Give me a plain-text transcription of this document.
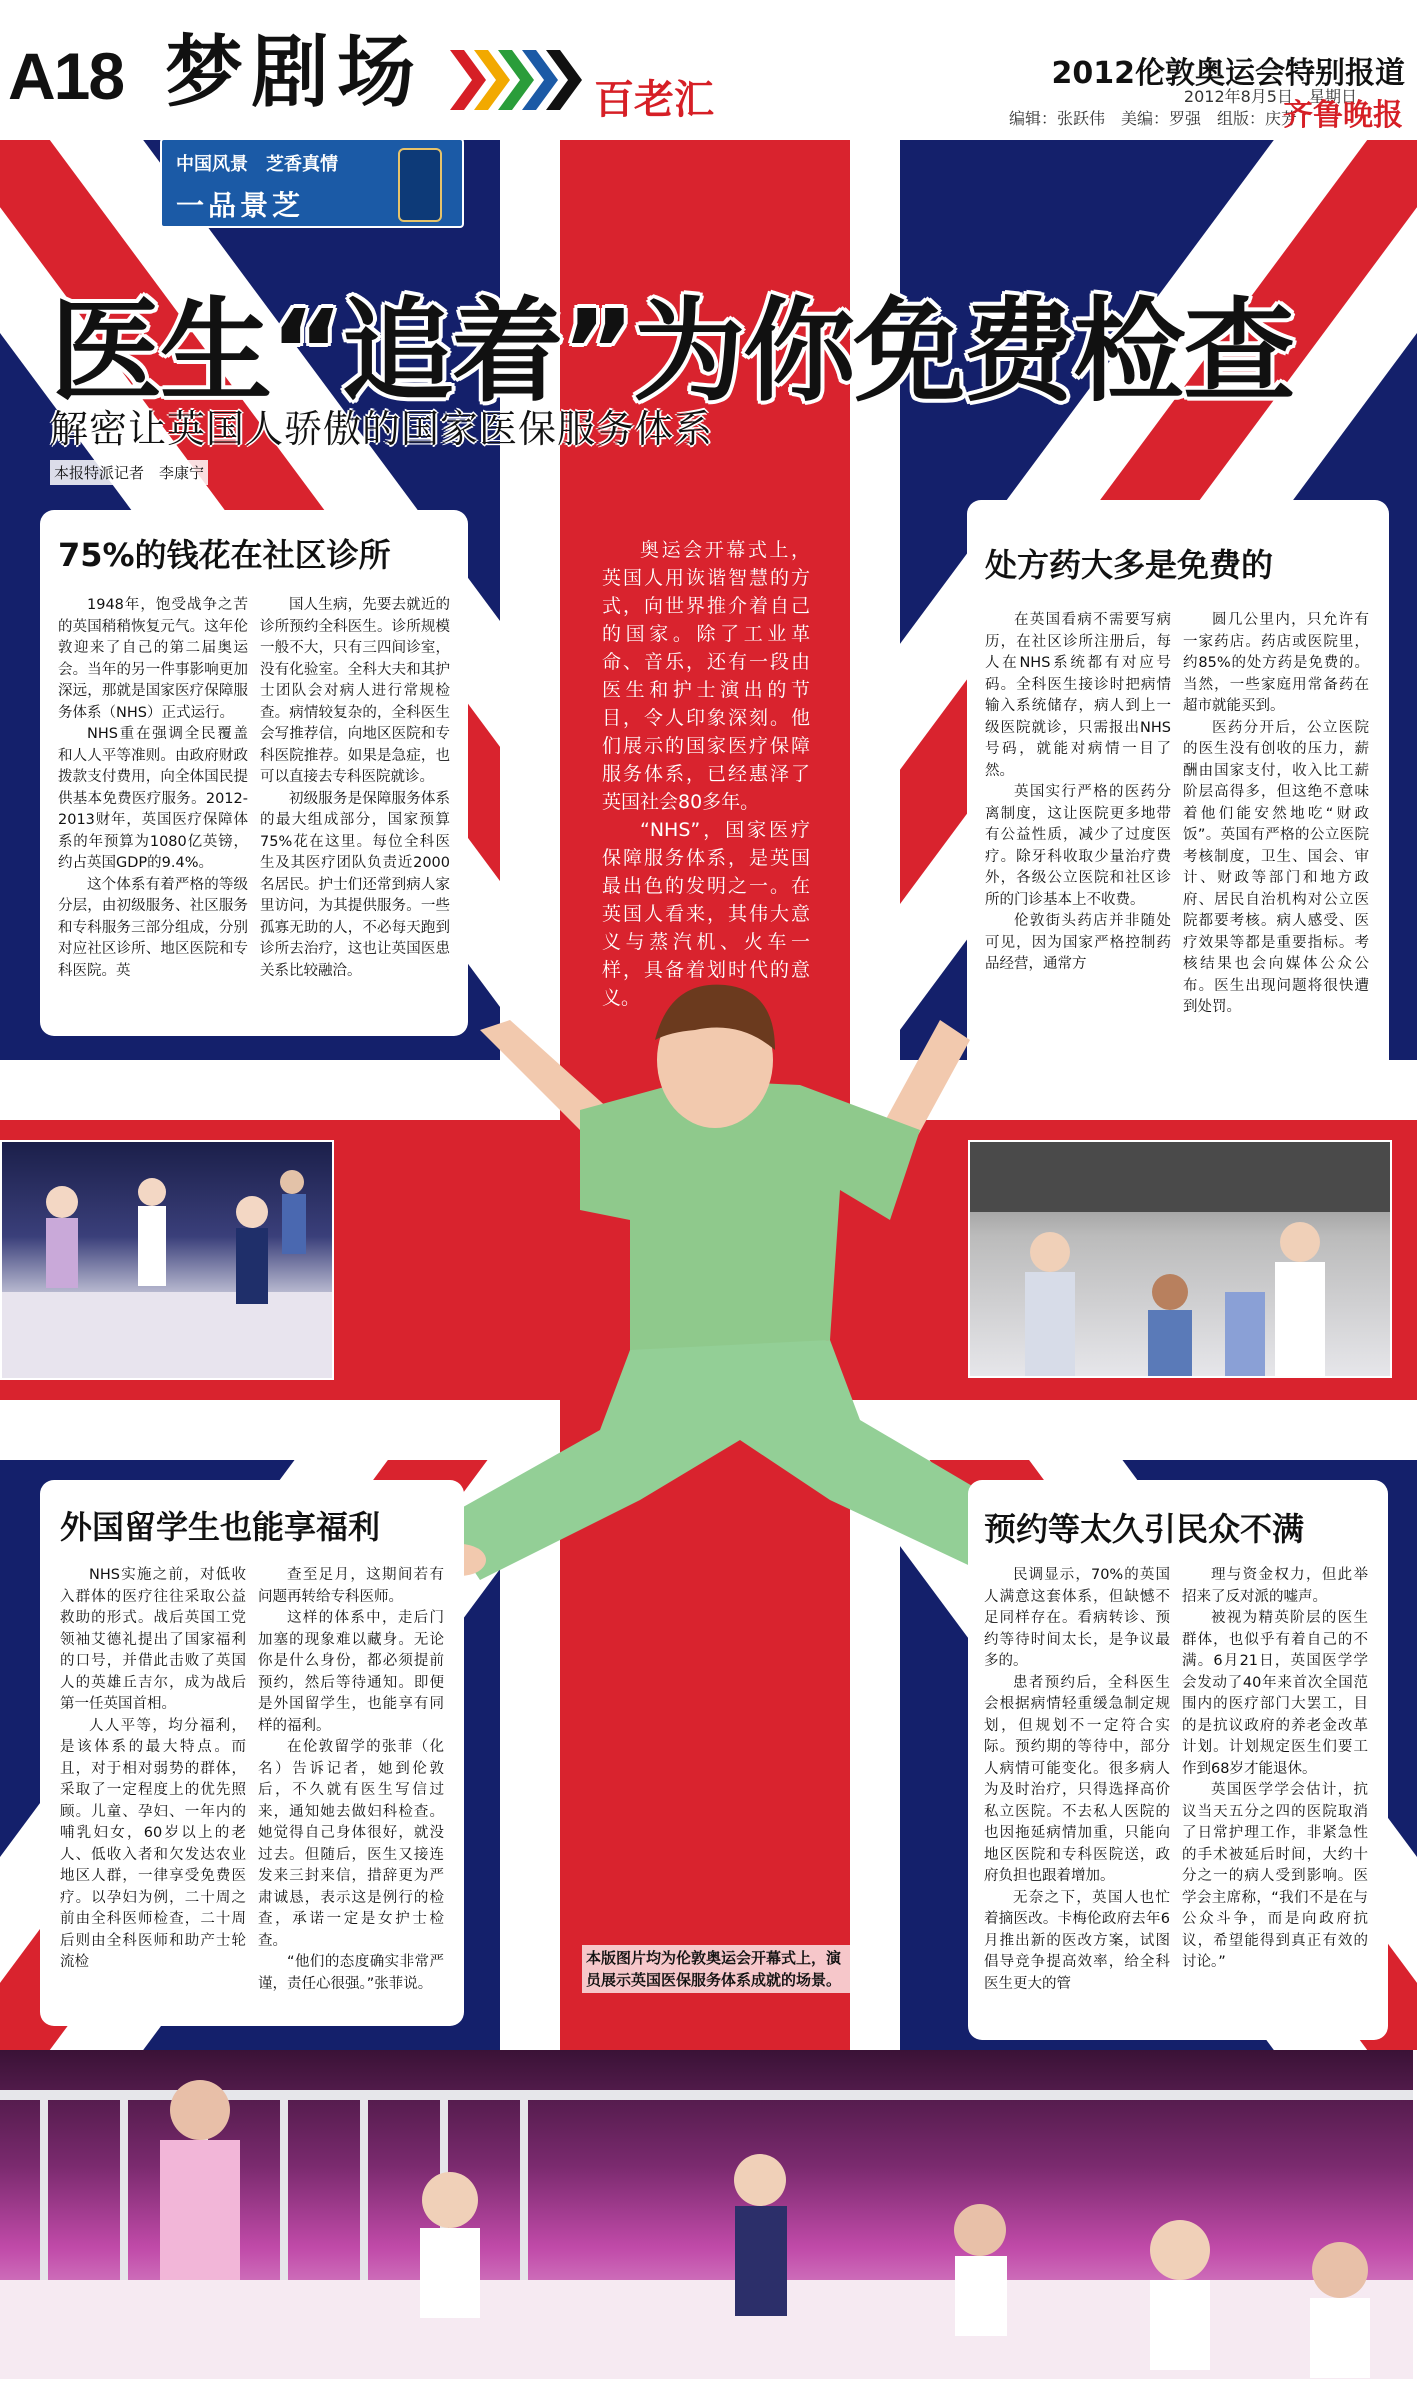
A18 梦剧场	百老汇
2012伦敦奥运会特别报道
2012年8月5日　星期日
编辑：张跃伟　美编：罗强　组版：庆芳
齐鲁晚报
中国风景　芝香真情
一品景芝
医生“追着”为你免费检查
解密让英国人骄傲的国家医保服务体系
本报特派记者　李康宁
75%的钱花在社区诊所

1948年，饱受战争之苦的英国稍稍恢复元气。这年伦敦迎来了自己的第二届奥运会。当年的另一件事影响更加深远，那就是国家医疗保障服务体系（NHS）正式运行。

NHS重在强调全民覆盖和人人平等准则。由政府财政拨款支付费用，向全体国民提供基本免费医疗服务。2012-2013财年，英国医疗保障体系的年预算为1080亿英镑，约占英国GDP的9.4%。

这个体系有着严格的等级分层，由初级服务、社区服务和专科服务三部分组成，分别对应社区诊所、地区医院和专科医院。英

国人生病，先要去就近的诊所预约全科医生。诊所规模一般不大，只有三四间诊室，没有化验室。全科大夫和其护士团队会对病人进行常规检查。病情较复杂的，全科医生会写推荐信，向地区医院和专科医院推荐。如果是急症，也可以直接去专科医院就诊。

初级服务是保障服务体系的最大组成部分，国家预算75%花在这里。每位全科医生及其医疗团队负责近2000名居民。护士们还常到病人家里访问，为其提供服务。一些孤寡无助的人，不必每天跑到诊所去治疗，这也让英国医患关系比较融洽。

奥运会开幕式上，英国人用诙谐智慧的方式，向世界推介着自己的国家。除了工业革命、音乐，还有一段由医生和护士演出的节目，令人印象深刻。他们展示的国家医疗保障服务体系，已经惠泽了英国社会80多年。

“NHS”，国家医疗保障服务体系，是英国最出色的发明之一。在英国人看来，其伟大意义与蒸汽机、火车一样，具备着划时代的意义。

处方药大多是免费的

在英国看病不需要写病历，在社区诊所注册后，每人在NHS系统都有对应号码。全科医生接诊时把病情输入系统储存，病人到上一级医院就诊，只需报出NHS号码，就能对病情一目了然。

英国实行严格的医药分离制度，这让医院更多地带有公益性质，减少了过度医疗。除牙科收取少量治疗费外，各级公立医院和社区诊所的门诊基本上不收费。

伦敦街头药店并非随处可见，因为国家严格控制药品经营，通常方

圆几公里内，只允许有一家药店。药店或医院里，约85%的处方药是免费的。当然，一些家庭用常备药在超市就能买到。

医药分开后，公立医院的医生没有创收的压力，薪酬由国家支付，收入比工薪阶层高得多，但这绝不意味着他们能安然地吃“财政饭”。英国有严格的公立医院考核制度，卫生、国会、审计、财政等部门和地方政府、居民自治机构对公立医院都要考核。病人感受、医疗效果等都是重要指标。考核结果也会向媒体公众公布。医生出现问题将很快遭到处罚。

外国留学生也能享福利

NHS实施之前，对低收入群体的医疗往往采取公益救助的形式。战后英国工党领袖艾德礼提出了国家福利的口号，并借此击败了英国人的英雄丘吉尔，成为战后第一任英国首相。

人人平等，均分福利，是该体系的最大特点。而且，对于相对弱势的群体，采取了一定程度上的优先照顾。儿童、孕妇、一年内的哺乳妇女，60岁以上的老人、低收入者和欠发达农业地区人群，一律享受免费医疗。以孕妇为例，二十周之前由全科医师检查，二十周后则由全科医师和助产士轮流检

查至足月，这期间若有问题再转给专科医师。

这样的体系中，走后门加塞的现象难以藏身。无论你是什么身份，都必须提前预约，然后等待通知。即便是外国留学生，也能享有同样的福利。

在伦敦留学的张菲（化名）告诉记者，她到伦敦后，不久就有医生写信过来，通知她去做妇科检查。她觉得自己身体很好，就没过去。但随后，医生又接连发来三封来信，措辞更为严肃诚恳，表示这是例行的检查，承诺一定是女护士检查。

“他们的态度确实非常严谨，责任心很强。”张菲说。

预约等太久引民众不满

民调显示，70%的英国人满意这套体系，但缺憾不足同样存在。看病转诊、预约等待时间太长，是争议最多的。

患者预约后，全科医生会根据病情轻重缓急制定规划，但规划不一定符合实际。预约期的等待中，部分人病情可能变化。很多病人为及时治疗，只得选择高价私立医院。不去私人医院的也因拖延病情加重，只能向地区医院和专科医院送，政府负担也跟着增加。

无奈之下，英国人也忙着摘医改。卡梅伦政府去年6月推出新的医改方案，试图倡导竞争提高效率，给全科医生更大的管

理与资金权力，但此举招来了反对派的嘘声。

被视为精英阶层的医生群体，也似乎有着自己的不满。6月21日，英国医学学会发动了40年来首次全国范围内的医疗部门大罢工，目的是抗议政府的养老金改革计划。计划规定医生们要工作到68岁才能退休。

英国医学学会估计，抗议当天五分之四的医院取消了日常护理工作，非紧急性的手术被延后时间，大约十分之一的病人受到影响。医学会主席称，“我们不是在与公众斗争，而是向政府抗议，希望能得到真正有效的讨论。”

本版图片均为伦敦奥运会开幕式上，演员展示英国医保服务体系成就的场景。
